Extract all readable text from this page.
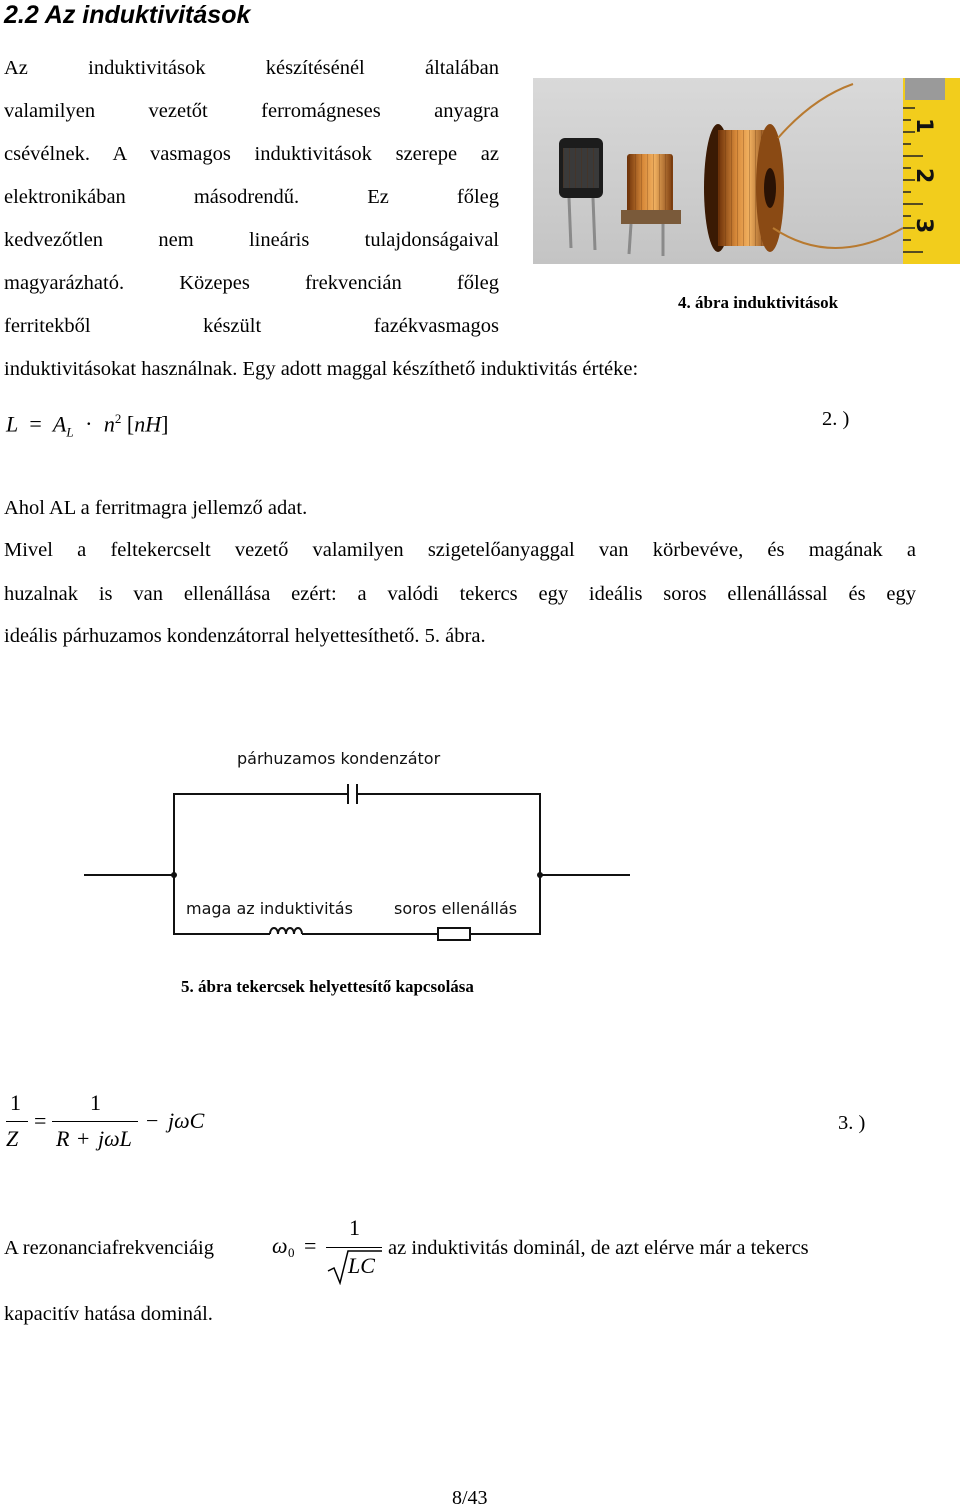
2.2 Az induktivitások
Az induktivitások készítésénél általában
valamilyen vezetőt ferromágneses anyagra
csévélnek. A vasmagos induktivitások szerepe az
elektronikában másodrendű. Ez főleg
kedvezőtlen nem lineáris tulajdonságaival
magyarázható. Közepes frekvencián főleg
ferritekből készült fazékvasmagos
induktivitásokat használnak. Egy adott maggal készíthető induktivitás értéke:
1
2
3
4. ábra induktivitások
$L = A_L \cdot n^2$ [nH]	2. )
Ahol AL a ferritmagra jellemző adat.
Mivel a feltekercselt vezető valamilyen szigetelőanyaggal van körbevéve, és magának a
huzalnak is van ellenállása ezért: a valódi tekercs egy ideális soros ellenállással és egy
ideális párhuzamos kondenzátorral helyettesíthető. 5. ábra.
párhuzamos kondenzátor
maga az induktivitás	soros ellenállás
5. ábra tekercsek helyettesítő kapcsolása
1
Z
=
1
R + jωL
− jωC	3. )
A rezonanciafrekvenciáig	ω 0 =
1
LC
az induktivitás dominál, de azt elérve már a tekercs
kapacitív hatása dominál.
8/43
